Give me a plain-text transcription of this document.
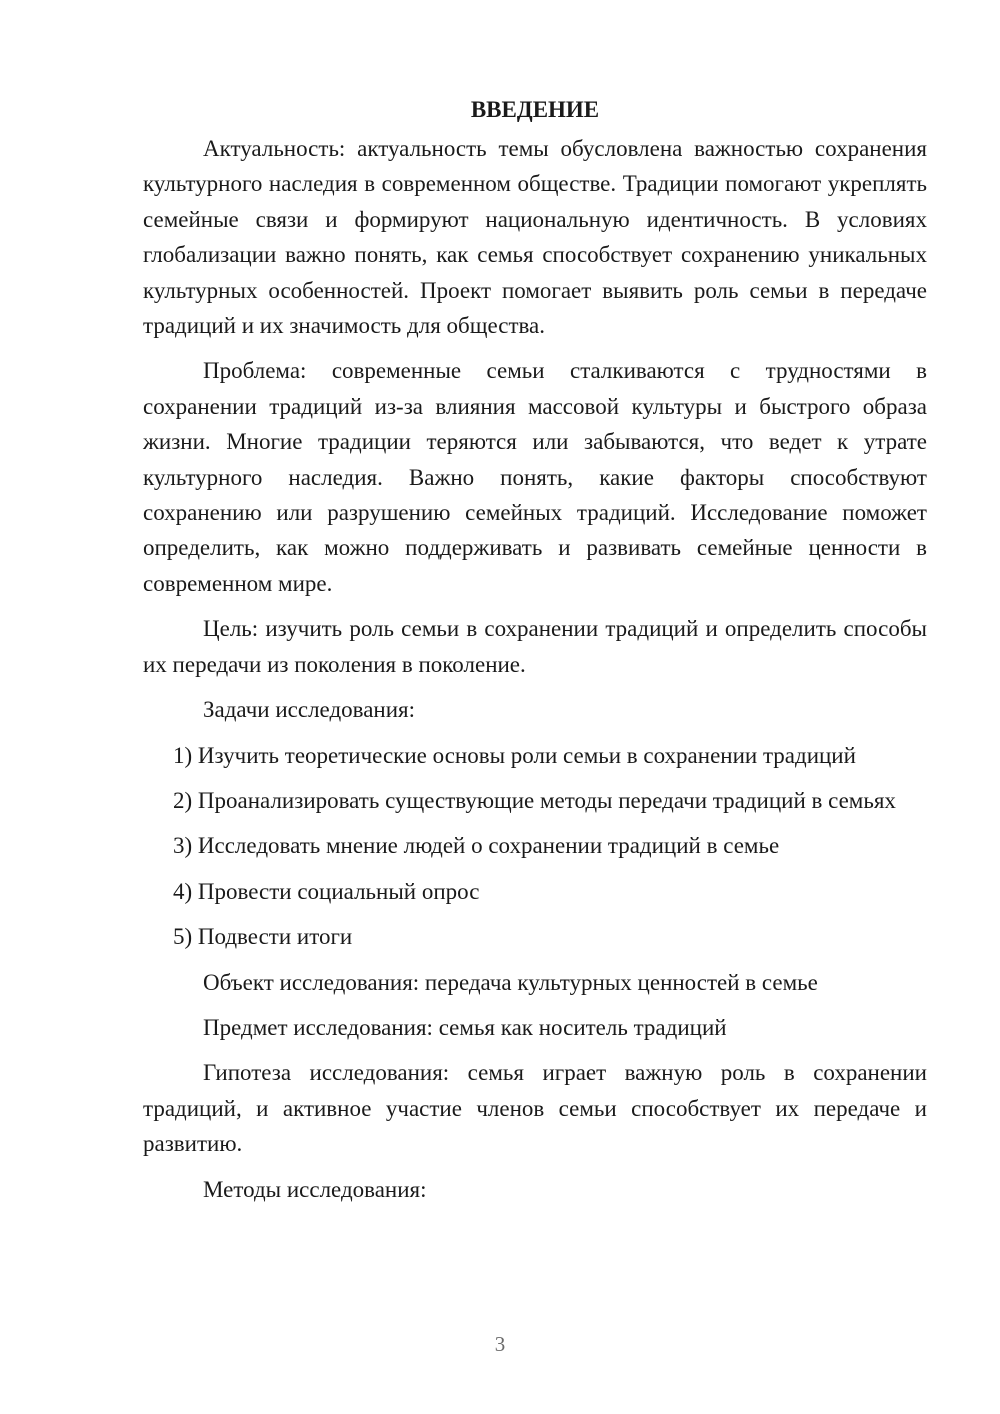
ВВЕДЕНИЕ

Актуальность: актуальность темы обусловлена важностью сохранения культурного наследия в современном обществе. Традиции помогают укреплять семейные связи и формируют национальную идентичность. В условиях глобализации важно понять, как семья способствует сохранению уникальных культурных особенностей. Проект помогает выявить роль семьи в передаче традиций и их значимость для общества.

Проблема: современные семьи сталкиваются с трудностями в сохранении традиций из-за влияния массовой культуры и быстрого образа жизни. Многие традиции теряются или забываются, что ведет к утрате культурного наследия. Важно понять, какие факторы способствуют сохранению или разрушению семейных традиций. Исследование поможет определить, как можно поддерживать и развивать семейные ценности в современном мире.

Цель: изучить роль семьи в сохранении традиций и определить способы их передачи из поколения в поколение.

Задачи исследования:

1) Изучить теоретические основы роли семьи в сохранении традиций

2) Проанализировать существующие методы передачи традиций в семьях

3) Исследовать мнение людей о сохранении традиций в семье

4) Провести социальный опрос

5) Подвести итоги

Объект исследования: передача культурных ценностей в семье

Предмет исследования: семья как носитель традиций

Гипотеза исследования: семья играет важную роль в сохранении традиций, и активное участие членов семьи способствует их передаче и развитию.

Методы исследования:

3
